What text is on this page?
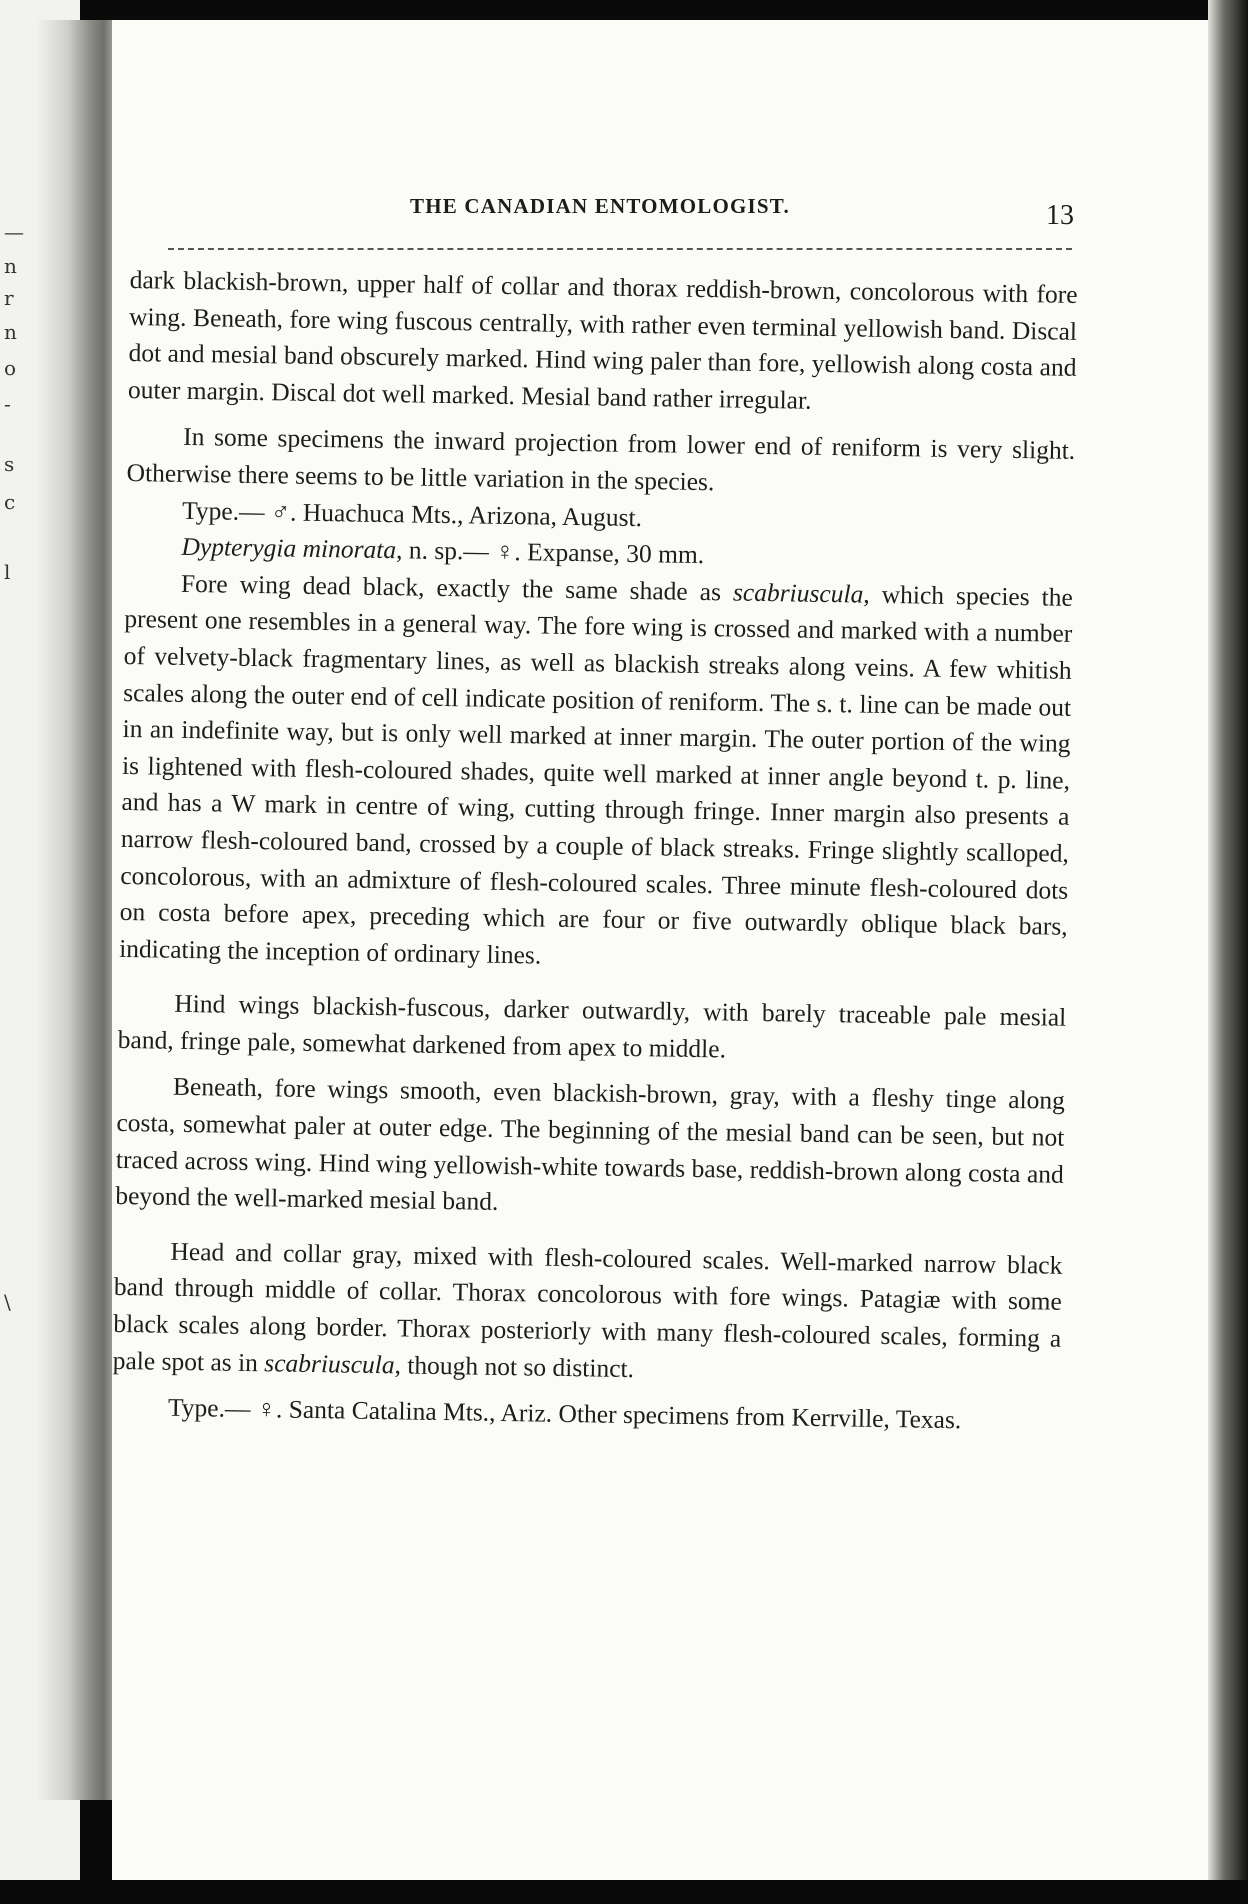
—
n
r
n
o
-
s
c
l
\
THE CANADIAN ENTOMOLOGIST.	13

dark blackish-brown, upper half of collar and thorax reddish-brown, concolorous with fore wing. Beneath, fore wing fuscous centrally, with rather even terminal yellowish band. Discal dot and mesial band obscurely marked. Hind wing paler than fore, yellowish along costa and outer margin. Discal dot well marked. Mesial band rather irregular.

In some specimens the inward projection from lower end of reniform is very slight. Otherwise there seems to be little variation in the species.

Type.— ♂. Huachuca Mts., Arizona, August.

Dypterygia minorata, n. sp.— ♀. Expanse, 30 mm.

Fore wing dead black, exactly the same shade as scabriuscula, which species the present one resembles in a general way. The fore wing is crossed and marked with a number of velvety-black fragmentary lines, as well as blackish streaks along veins. A few whitish scales along the outer end of cell indicate position of reniform. The s. t. line can be made out in an indefinite way, but is only well marked at inner margin. The outer portion of the wing is lightened with flesh-coloured shades, quite well marked at inner angle beyond t. p. line, and has a W mark in centre of wing, cutting through fringe. Inner margin also presents a narrow flesh-coloured band, crossed by a couple of black streaks. Fringe slightly scalloped, concolorous, with an admixture of flesh-coloured scales. Three minute flesh-coloured dots on costa before apex, preceding which are four or five outwardly oblique black bars, indicating the inception of ordinary lines.

Hind wings blackish-fuscous, darker outwardly, with barely traceable pale mesial band, fringe pale, somewhat darkened from apex to middle.

Beneath, fore wings smooth, even blackish-brown, gray, with a fleshy tinge along costa, somewhat paler at outer edge. The beginning of the mesial band can be seen, but not traced across wing. Hind wing yellowish-white towards base, reddish-brown along costa and beyond the well-marked mesial band.

Head and collar gray, mixed with flesh-coloured scales. Well-marked narrow black band through middle of collar. Thorax concolorous with fore wings. Patagiæ with some black scales along border. Thorax posteriorly with many flesh-coloured scales, forming a pale spot as in scabriuscula, though not so distinct.

Type.— ♀. Santa Catalina Mts., Ariz. Other specimens from Kerrville, Texas.
